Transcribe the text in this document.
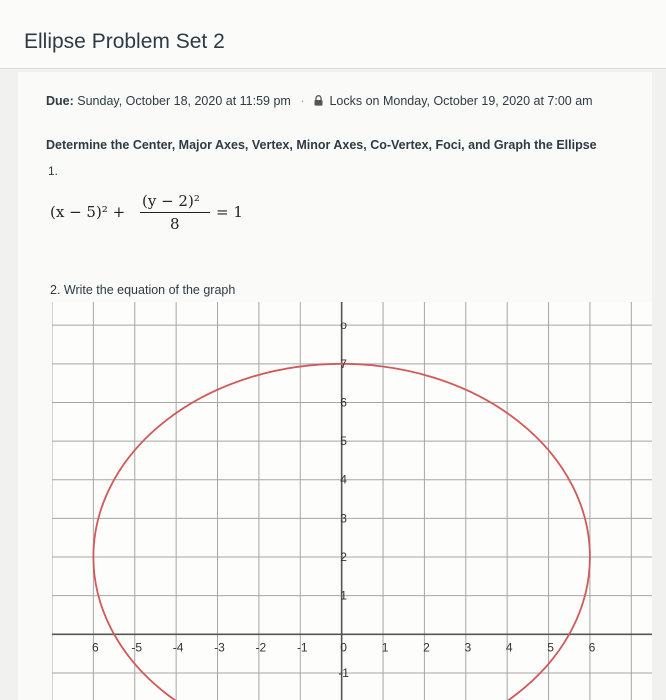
Ellipse Problem Set 2
Due: Sunday, October 18, 2020 at 11:59 pm · Locks on Monday, October 19, 2020 at 7:00 am
Determine the Center, Major Axes, Vertex, Minor Axes, Co-Vertex, Foci, and Graph the Ellipse
1.
(x − 5)² +
(y − 2)²
8
= 1
2. Write the equation of the graph
6	-5	-4	-3	-2	-1	0	1	2	3	4	5	6
-1
1
2
3
4
5
6
7
o
